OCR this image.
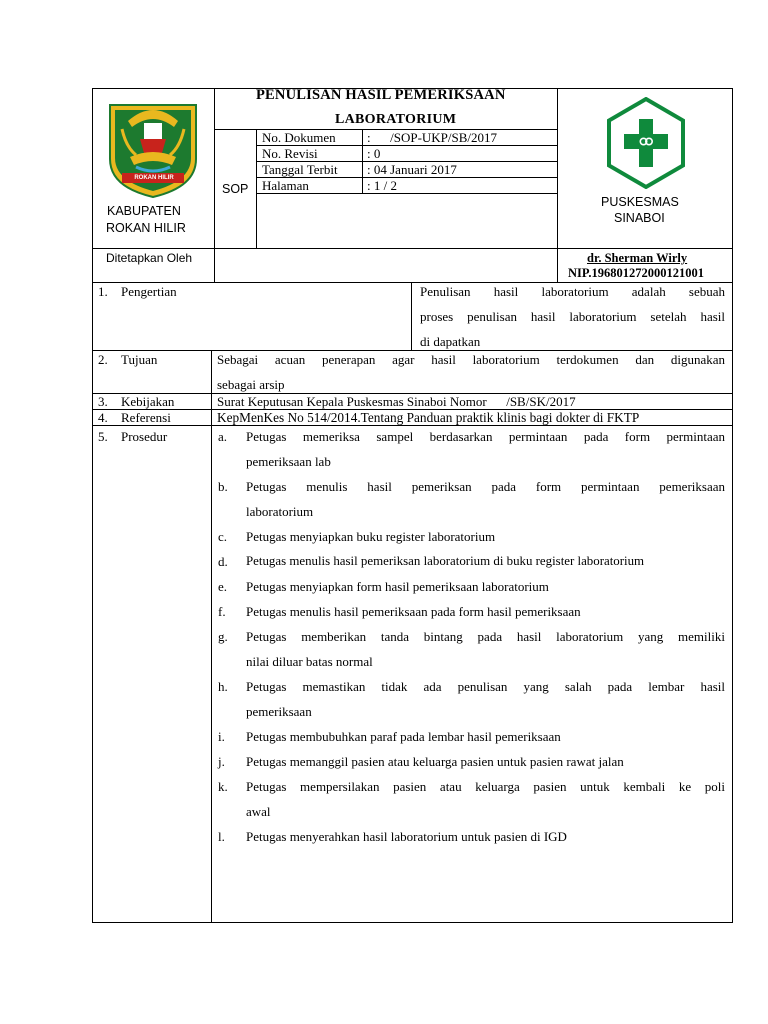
ROKAN HILIR
KABUPATEN
ROKAN HILIR
PENULISAN HASIL PEMERIKSAAN
LABORATORIUM
SOP
No. Dokumen :      /SOP-UKP/SB/2017
No. Revisi	: 0
Tanggal Terbit : 04 Januari 2017
Halaman	: 1 / 2
PUSKESMAS
SINABOI
Ditetapkan Oleh	dr. Sherman Wirly
NIP.196801272000121001
1. Pengertian	Penulisan hasil laboratorium adalah sebuah
proses penulisan hasil laboratorium setelah hasil
di dapatkan
2. Tujuan	Sebagai acuan penerapan agar hasil laboratorium terdokumen dan digunakan
sebagai arsip
3. Kebijakan	Surat Keputusan Kepala Puskesmas Sinaboi Nomor      /SB/SK/2017
4. Referensi	KepMenKes No 514/2014.Tentang Panduan praktik klinis bagi dokter di FKTP
5. Prosedur	a. Petugas memeriksa sampel berdasarkan permintaan pada form permintaan
pemeriksaan lab
b. Petugas menulis hasil pemeriksan pada form permintaan pemeriksaan
laboratorium
c. Petugas menyiapkan buku register laboratorium
d. Petugas menulis hasil pemeriksan laboratorium di buku register laboratorium
e. Petugas menyiapkan form hasil pemeriksaan laboratorium
f. Petugas menulis hasil pemeriksaan pada form hasil pemeriksaan
g. Petugas memberikan tanda bintang pada hasil laboratorium yang memiliki
nilai diluar batas normal
h. Petugas memastikan tidak ada penulisan yang salah pada lembar hasil
pemeriksaan
i. Petugas membubuhkan paraf pada lembar hasil pemeriksaan
j. Petugas memanggil pasien atau keluarga pasien untuk pasien rawat jalan
k. Petugas mempersilakan pasien atau keluarga pasien untuk kembali ke poli
awal
l. Petugas menyerahkan hasil laboratorium untuk pasien di IGD
